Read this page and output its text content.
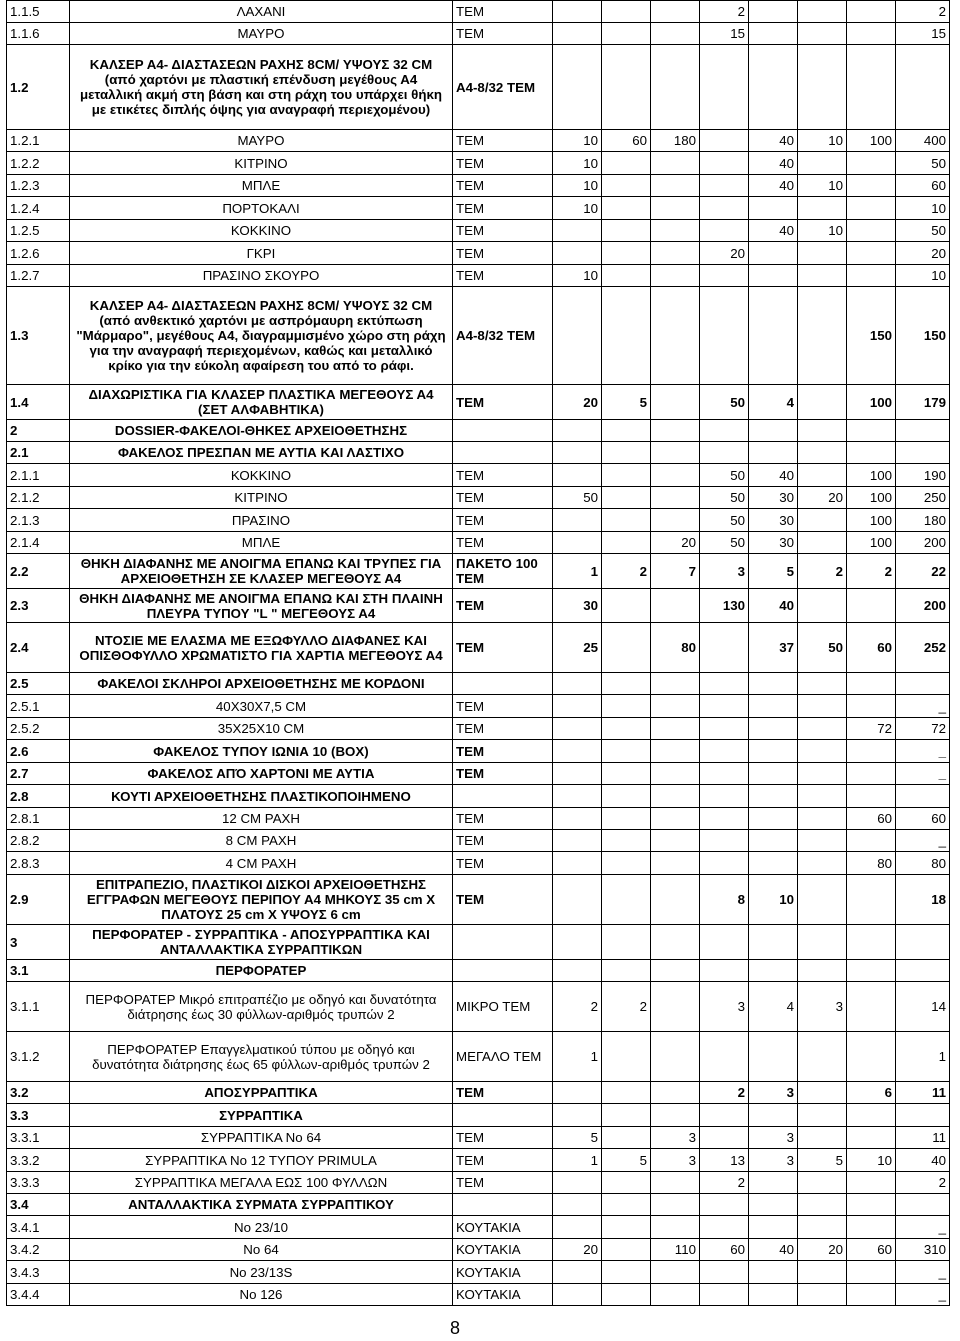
1.1.5	ΛΑΧΑΝΙ	ΤΕΜ				2				2
1.1.6	ΜΑΥΡΟ	ΤΕΜ				15				15
1.2	ΚΑΛΣΕΡ Α4- ΔΙΑΣΤΑΣΕΩΝ ΡΑΧΗΣ 8CM/ ΥΨΟΥΣ 32 CM (από χαρτόνι με πλαστική επένδυση μεγέθους Α4 μεταλλική ακμή στη βάση και στη ράχη του υπάρχει θήκη με ετικέτες διπλής όψης για αναγραφή περιεχομένου)	Α4-8/32 ΤΕΜ								
1.2.1	ΜΑΥΡΟ	ΤΕΜ	10	60	180		40	10	100	400
1.2.2	ΚΙΤΡΙΝΟ	ΤΕΜ	10				40			50
1.2.3	ΜΠΛΕ	ΤΕΜ	10				40	10		60
1.2.4	ΠΟΡΤΟΚΑΛΙ	ΤΕΜ	10							10
1.2.5	ΚΟΚΚΙΝΟ	ΤΕΜ					40	10		50
1.2.6	ΓΚΡΙ	ΤΕΜ				20				20
1.2.7	ΠΡΑΣΙΝΟ ΣΚΟΥΡΟ	ΤΕΜ	10							10
1.3	ΚΑΛΣΕΡ Α4- ΔΙΑΣΤΑΣΕΩΝ ΡΑΧΗΣ 8CM/ ΥΨΟΥΣ 32 CM (από ανθεκτικό χαρτόνι με ασπρόμαυρη εκτύπωση "Μάρμαρο", μεγέθους Α4, διαγραμμισμένο χώρο στη ράχη για την αναγραφή περιεχομένων, καθώς και μεταλλικό κρίκο για την εύκολη αφαίρεση του από το ράφι.	Α4-8/32 ΤΕΜ							150	150
1.4	ΔΙΑΧΩΡΙΣΤΙΚΑ ΓΙΑ ΚΛΑΣΕΡ ΠΛΑΣΤΙΚΑ ΜΕΓΕΘΟΥΣ Α4 (ΣΕΤ ΑΛΦΑΒΗΤΙΚΑ)	ΤΕΜ	20	5		50	4		100	179
2	DOSSIER-ΦΑΚΕΛΟΙ-ΘΗΚΕΣ ΑΡΧΕΙΟΘΕΤΗΣΗΣ									
2.1	ΦΑΚΕΛΟΣ ΠΡΕΣΠΑΝ ΜΕ ΑΥΤΙΑ ΚΑΙ ΛΑΣΤΙΧΟ									
2.1.1	ΚΟΚΚΙΝΟ	ΤΕΜ				50	40		100	190
2.1.2	ΚΙΤΡΙΝΟ	ΤΕΜ	50			50	30	20	100	250
2.1.3	ΠΡΑΣΙΝΟ	ΤΕΜ				50	30		100	180
2.1.4	ΜΠΛΕ	ΤΕΜ			20	50	30		100	200
2.2	ΘΗΚΗ ΔΙΑΦΑΝΗΣ ΜΕ ΑΝΟΙΓΜΑ ΕΠΑΝΩ ΚΑΙ ΤΡΥΠΕΣ ΓΙΑ ΑΡΧΕΙΟΘΕΤΗΣΗ ΣΕ ΚΛΑΣΕΡ ΜΕΓΕΘΟΥΣ Α4	ΠΑΚΕΤΟ 100 ΤΕΜ	1	2	7	3	5	2	2	22
2.3	ΘΗΚΗ ΔΙΑΦΑΝΗΣ ΜΕ ΑΝΟΙΓΜΑ ΕΠΑΝΩ ΚΑΙ ΣΤΗ ΠΛΑΙΝΗ ΠΛΕΥΡΑ ΤΥΠΟΥ "L " ΜΕΓΕΘΟΥΣ Α4	ΤΕΜ	30			130	40			200
2.4	ΝΤΟΣΙΕ ΜΕ ΕΛΑΣΜΑ ΜΕ ΕΞΩΦΥΛΛΟ ΔΙΑΦΑΝΕΣ ΚΑΙ ΟΠΙΣΘΟΦΥΛΛΟ ΧΡΩΜΑΤΙΣΤΟ ΓΙΑ ΧΑΡΤΙΑ ΜΕΓΕΘΟΥΣ Α4	ΤΕΜ	25		80		37	50	60	252
2.5	ΦΑΚΕΛΟΙ ΣΚΛΗΡΟΙ ΑΡΧΕΙΟΘΕΤΗΣΗΣ ΜΕ ΚΟΡΔΟΝΙ									
2.5.1	40Χ30Χ7,5 CM	ΤΕΜ								_
2.5.2	35Χ25Χ10 CM	ΤΕΜ							72	72
2.6	ΦΑΚΕΛΟΣ ΤΥΠΟΥ ΙΩΝΙΑ 10 (BOX)	ΤΕΜ								_
2.7	ΦΑΚΕΛΟΣ ΑΠΌ ΧΑΡΤΟΝΙ ΜΕ ΑΥΤΙΑ	ΤΕΜ								_
2.8	ΚΟΥΤΙ ΑΡΧΕΙΟΘΕΤΗΣΗΣ ΠΛΑΣΤΙΚΟΠΟΙΗΜΕΝΟ									
2.8.1	12 CM ΡΑΧΗ	ΤΕΜ							60	60
2.8.2	8 CM ΡΑΧΗ	ΤΕΜ								_
2.8.3	4 CM ΡΑΧΗ	ΤΕΜ							80	80
2.9	ΕΠΙΤΡΑΠΕΖΙΟ, ΠΛΑΣΤΙΚΟΙ ΔΙΣΚΟΙ ΑΡΧΕΙΟΘΕΤΗΣΗΣ ΕΓΓΡΑΦΩΝ ΜΕΓΕΘΟΥΣ ΠΕΡΙΠΟΥ Α4 ΜΗΚΟΥΣ 35 cm Χ ΠΛΑΤΟΥΣ 25 cm Χ ΥΨΟΥΣ 6 cm	ΤΕΜ				8	10			18
3	ΠΕΡΦΟΡΑΤΕΡ - ΣΥΡΡΑΠΤΙΚΑ - ΑΠΟΣΥΡΡΑΠΤΙΚΑ ΚΑΙ ΑΝΤΑΛΛΑΚΤΙΚΑ ΣΥΡΡΑΠΤΙΚΩΝ									
3.1	ΠΕΡΦΟΡΑΤΕΡ									
3.1.1	ΠΕΡΦΟΡΑΤΕΡ Μικρό επιτραπέζιο με οδηγό και δυνατότητα διάτρησης έως 30 φύλλων-αριθμός τρυπών 2	ΜΙΚΡΟ ΤΕΜ	2	2		3	4	3		14
3.1.2	ΠΕΡΦΟΡΑΤΕΡ Επαγγελματικού τύπου με οδηγό και δυνατότητα διάτρησης έως 65 φύλλων-αριθμός τρυπών 2	ΜΕΓΑΛΟ ΤΕΜ	1							1
3.2	ΑΠΟΣΥΡΡΑΠΤΙΚΑ	ΤΕΜ				2	3		6	11
3.3	ΣΥΡΡΑΠΤΙΚΑ									
3.3.1	ΣΥΡΡΑΠΤΙΚΑ Νο 64	ΤΕΜ	5		3		3			11
3.3.2	ΣΥΡΡΑΠΤΙΚΑ Νο 12 ΤΥΠΟΥ PRIMULA	ΤΕΜ	1	5	3	13	3	5	10	40
3.3.3	ΣΥΡΡΑΠΤΙΚΑ ΜΕΓΑΛΑ ΕΩΣ 100 ΦΥΛΛΩΝ	ΤΕΜ				2				2
3.4	ΑΝΤΑΛΛΑΚΤΙΚΑ ΣΥΡΜΑΤΑ ΣΥΡΡΑΠΤΙΚΟΥ									
3.4.1	Νο 23/10	ΚΟΥΤΑΚΙΑ								_
3.4.2	Νο 64	ΚΟΥΤΑΚΙΑ	20		110	60	40	20	60	310
3.4.3	Νο 23/13S	ΚΟΥΤΑΚΙΑ								_
3.4.4	Νο 126	ΚΟΥΤΑΚΙΑ								_
8
